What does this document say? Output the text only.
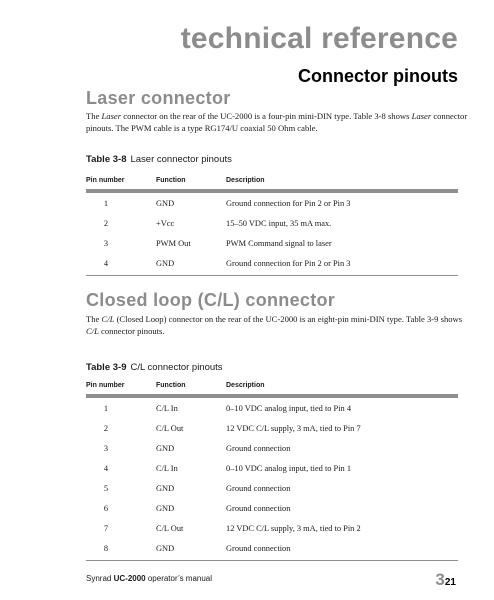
technical reference
Connector pinouts
Laser connector
The Laser connector on the rear of the UC-2000 is a four-pin mini-DIN type. Table 3-8 shows Laser connector pinouts. The PWM cable is a type RG174/U coaxial 50 Ohm cable.
Table 3-8 Laser connector pinouts
Pin number	Function	Description
1	GND	Ground connection for Pin 2 or Pin 3
2	+Vcc	15–50 VDC input, 35 mA max.
3	PWM Out	PWM Command signal to laser
4	GND	Ground connection for Pin 2 or Pin 3
Closed loop (C/L) connector
The C/L (Closed Loop) connector on the rear of the UC-2000 is an eight-pin mini-DIN type. Table 3-9 shows C/L connector pinouts.
Table 3-9 C/L connector pinouts
Pin number	Function	Description
1	C/L In	0–10 VDC analog input, tied to Pin 4
2	C/L Out	12 VDC C/L supply, 3 mA, tied to Pin 7
3	GND	Ground connection
4	C/L In	0–10 VDC analog input, tied to Pin 1
5	GND	Ground connection
6	GND	Ground connection
7	C/L Out	12 VDC C/L supply, 3 mA, tied to Pin 2
8	GND	Ground connection
Synrad UC-2000 operator’s manual	321
